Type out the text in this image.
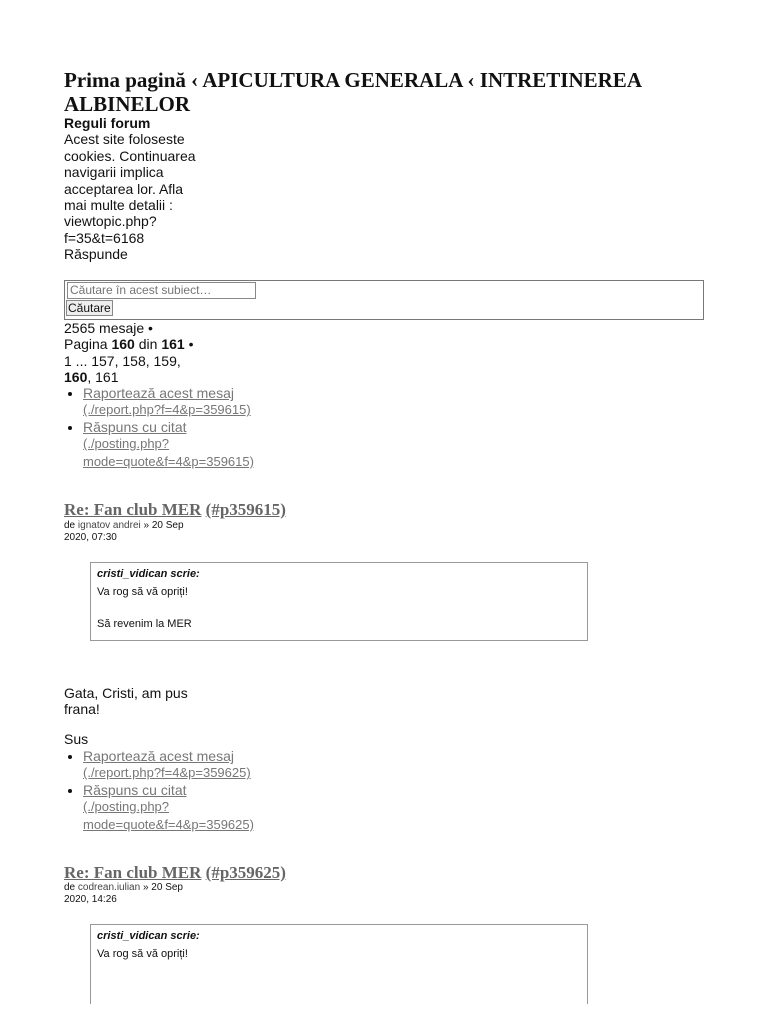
Prima pagină ‹ APICULTURA GENERALA ‹ INTRETINEREA ALBINELOR
Reguli forum
Acest site foloseste cookies. Continuarea navigarii implica acceptarea lor. Afla mai multe detalii : viewtopic.php?f=35&t=6168
Răspunde
Căutare în acest subiect…
Căutare
2565 mesaje • Pagina 160 din 161 • 1 ... 157, 158, 159, 160, 161
• Raportează acest mesaj (./report.php?f=4&p=359615)
• Răspuns cu citat (./posting.php?mode=quote&f=4&p=359615)
Re: Fan club MER (#p359615)
de ignatov andrei » 20 Sep 2020, 07:30
cristi_vidican scrie:

Va rog să vă opriți!

Să revenim la MER

Gata, Cristi, am pus frana!
Sus
• Raportează acest mesaj (./report.php?f=4&p=359625)
• Răspuns cu citat (./posting.php?mode=quote&f=4&p=359625)
Re: Fan club MER (#p359625)
de codrean.iulian » 20 Sep 2020, 14:26
cristi_vidican scrie:

Va rog să vă opriți!
